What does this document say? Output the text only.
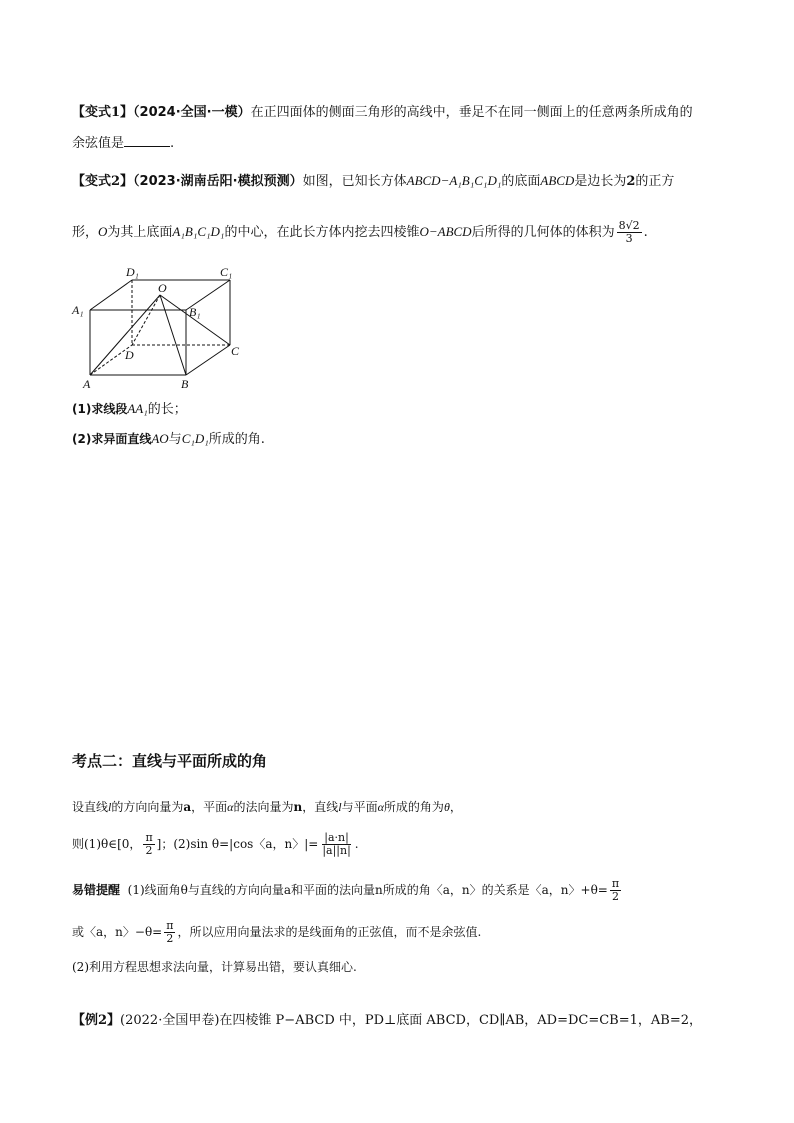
【变式1】（2024·全国·一模）在正四面体的侧面三角形的高线中，垂足不在同一侧面上的任意两条所成角的
余弦值是	.
【变式2】（2023·湖南岳阳·模拟预测）如图，已知长方体ABCD−A₁B₁C₁D₁的底面ABCD是边长为2的正方
形，O为其上底面A₁B₁C₁D₁的中心，在此长方体内挖去四棱锥O−ABCD后所得的几何体的体积为 $\frac{8√2}{3}$ .
D₁	C₁
O
A₁	B₁
D	C
A	B
(1)求线段AA₁的长；
(2)求异面直线AO与C₁D₁所成的角.
考点二：直线与平面所成的角
设直线l的方向向量为a，平面α的法向量为n，直线l与平面α所成的角为θ，
则(1)θ∈[0， $\frac{\pi}{2}$ ]；(2)sin θ=|cos〈a，n〉|= $\frac{|a\cdot n|}{|a||n|}$ .
易错提醒 (1)线面角θ与直线的方向向量a和平面的法向量n所成的角〈a，n〉的关系是〈a，n〉$+\theta= \frac{\pi}{2}$
或〈a，n〉$-\theta= \frac{\pi}{2}$ ，所以应用向量法求的是线面角的正弦值，而不是余弦值.
(2)利用方程思想求法向量，计算易出错，要认真细心.
【例2】(2022·全国甲卷)在四棱锥 P−ABCD 中，PD⊥底面 ABCD，CD∥AB，AD=DC=CB=1，AB=2，
